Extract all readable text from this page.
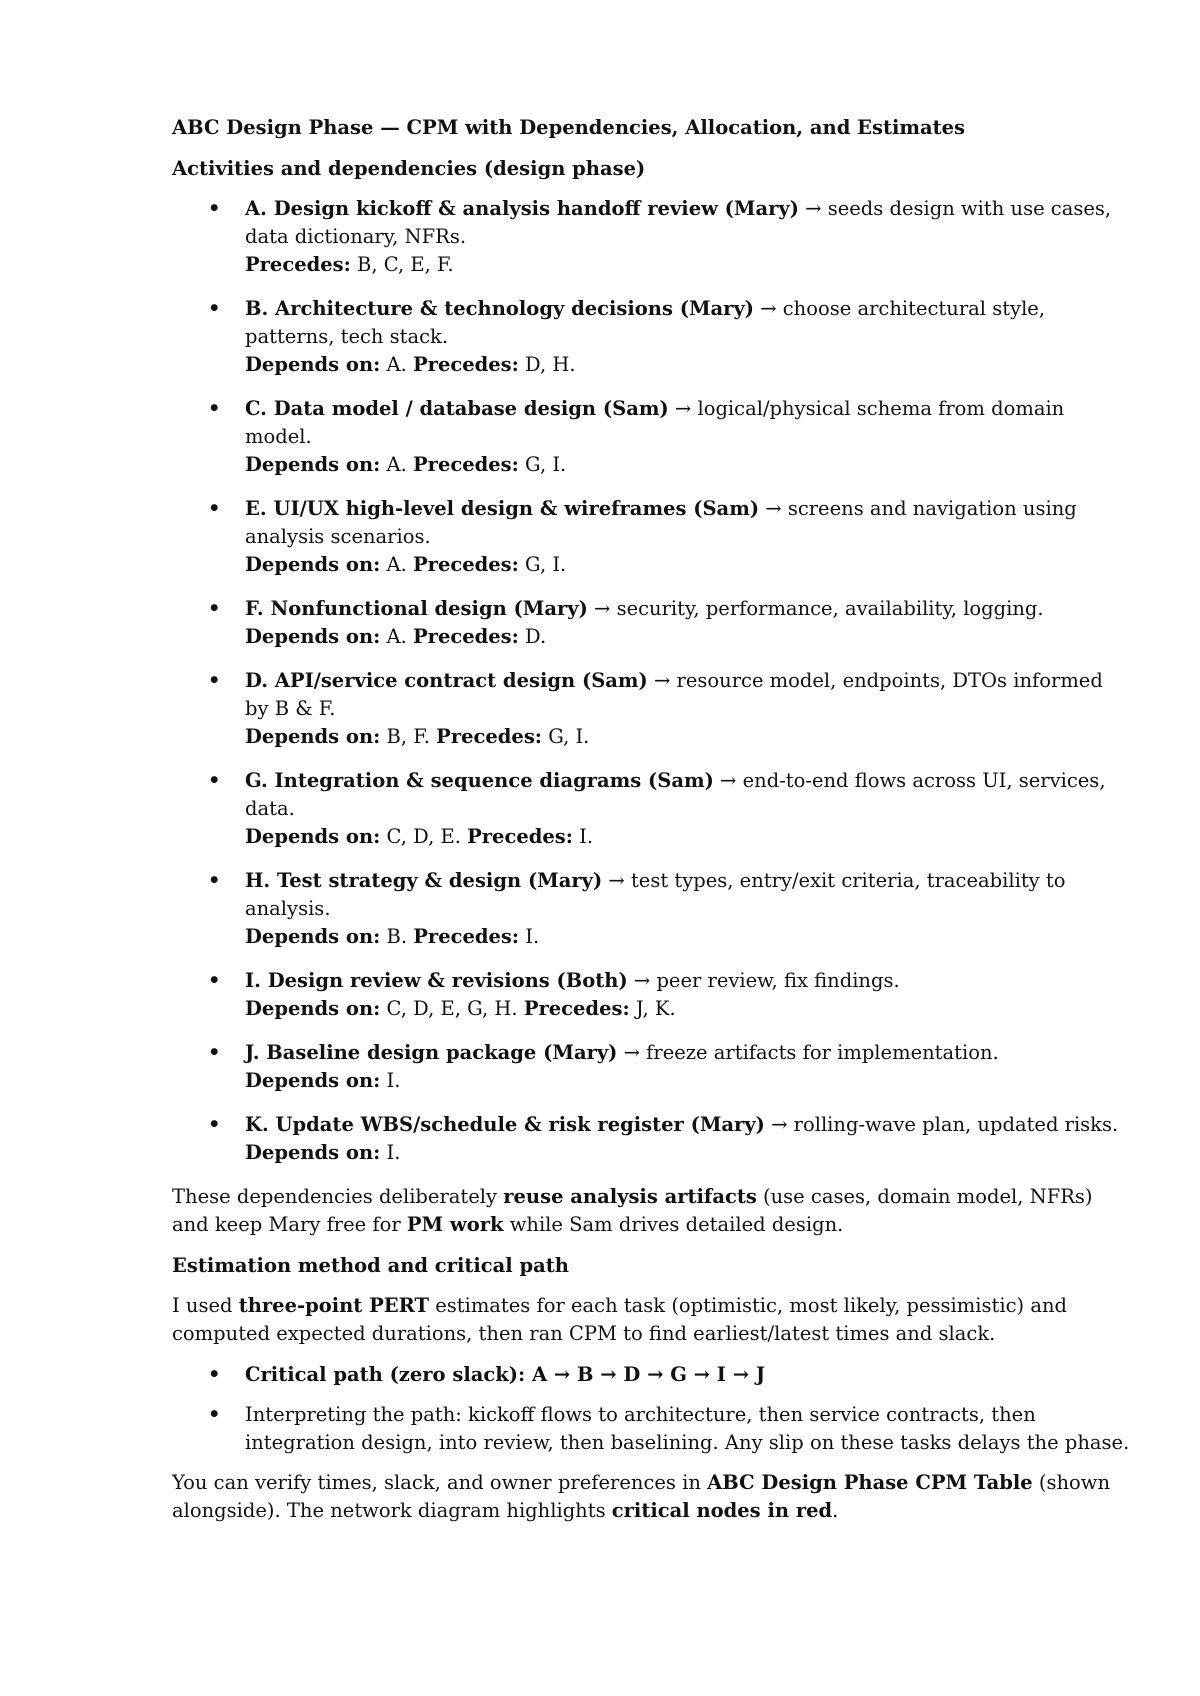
ABC Design Phase — CPM with Dependencies, Allocation, and Estimates
Activities and dependencies (design phase)
• A. Design kickoff & analysis handoff review (Mary) → seeds design with use cases, data dictionary, NFRs.
Precedes: B, C, E, F.
• B. Architecture & technology decisions (Mary) → choose architectural style, patterns, tech stack.
Depends on: A. Precedes: D, H.
• C. Data model / database design (Sam) → logical/physical schema from domain model.
Depends on: A. Precedes: G, I.
• E. UI/UX high-level design & wireframes (Sam) → screens and navigation using analysis scenarios.
Depends on: A. Precedes: G, I.
• F. Nonfunctional design (Mary) → security, performance, availability, logging.
Depends on: A. Precedes: D.
• D. API/service contract design (Sam) → resource model, endpoints, DTOs informed by B & F.
Depends on: B, F. Precedes: G, I.
• G. Integration & sequence diagrams (Sam) → end-to-end flows across UI, services, data.
Depends on: C, D, E. Precedes: I.
• H. Test strategy & design (Mary) → test types, entry/exit criteria, traceability to analysis.
Depends on: B. Precedes: I.
• I. Design review & revisions (Both) → peer review, fix findings.
Depends on: C, D, E, G, H. Precedes: J, K.
• J. Baseline design package (Mary) → freeze artifacts for implementation.
Depends on: I.
• K. Update WBS/schedule & risk register (Mary) → rolling-wave plan, updated risks.
Depends on: I.

These dependencies deliberately reuse analysis artifacts (use cases, domain model, NFRs) and keep Mary free for PM work while Sam drives detailed design.

Estimation method and critical path

I used three-point PERT estimates for each task (optimistic, most likely, pessimistic) and computed expected durations, then ran CPM to find earliest/latest times and slack.

• Critical path (zero slack): A → B → D → G → I → J
• Interpreting the path: kickoff flows to architecture, then service contracts, then integration design, into review, then baselining. Any slip on these tasks delays the phase.

You can verify times, slack, and owner preferences in ABC Design Phase CPM Table (shown alongside). The network diagram highlights critical nodes in red.
